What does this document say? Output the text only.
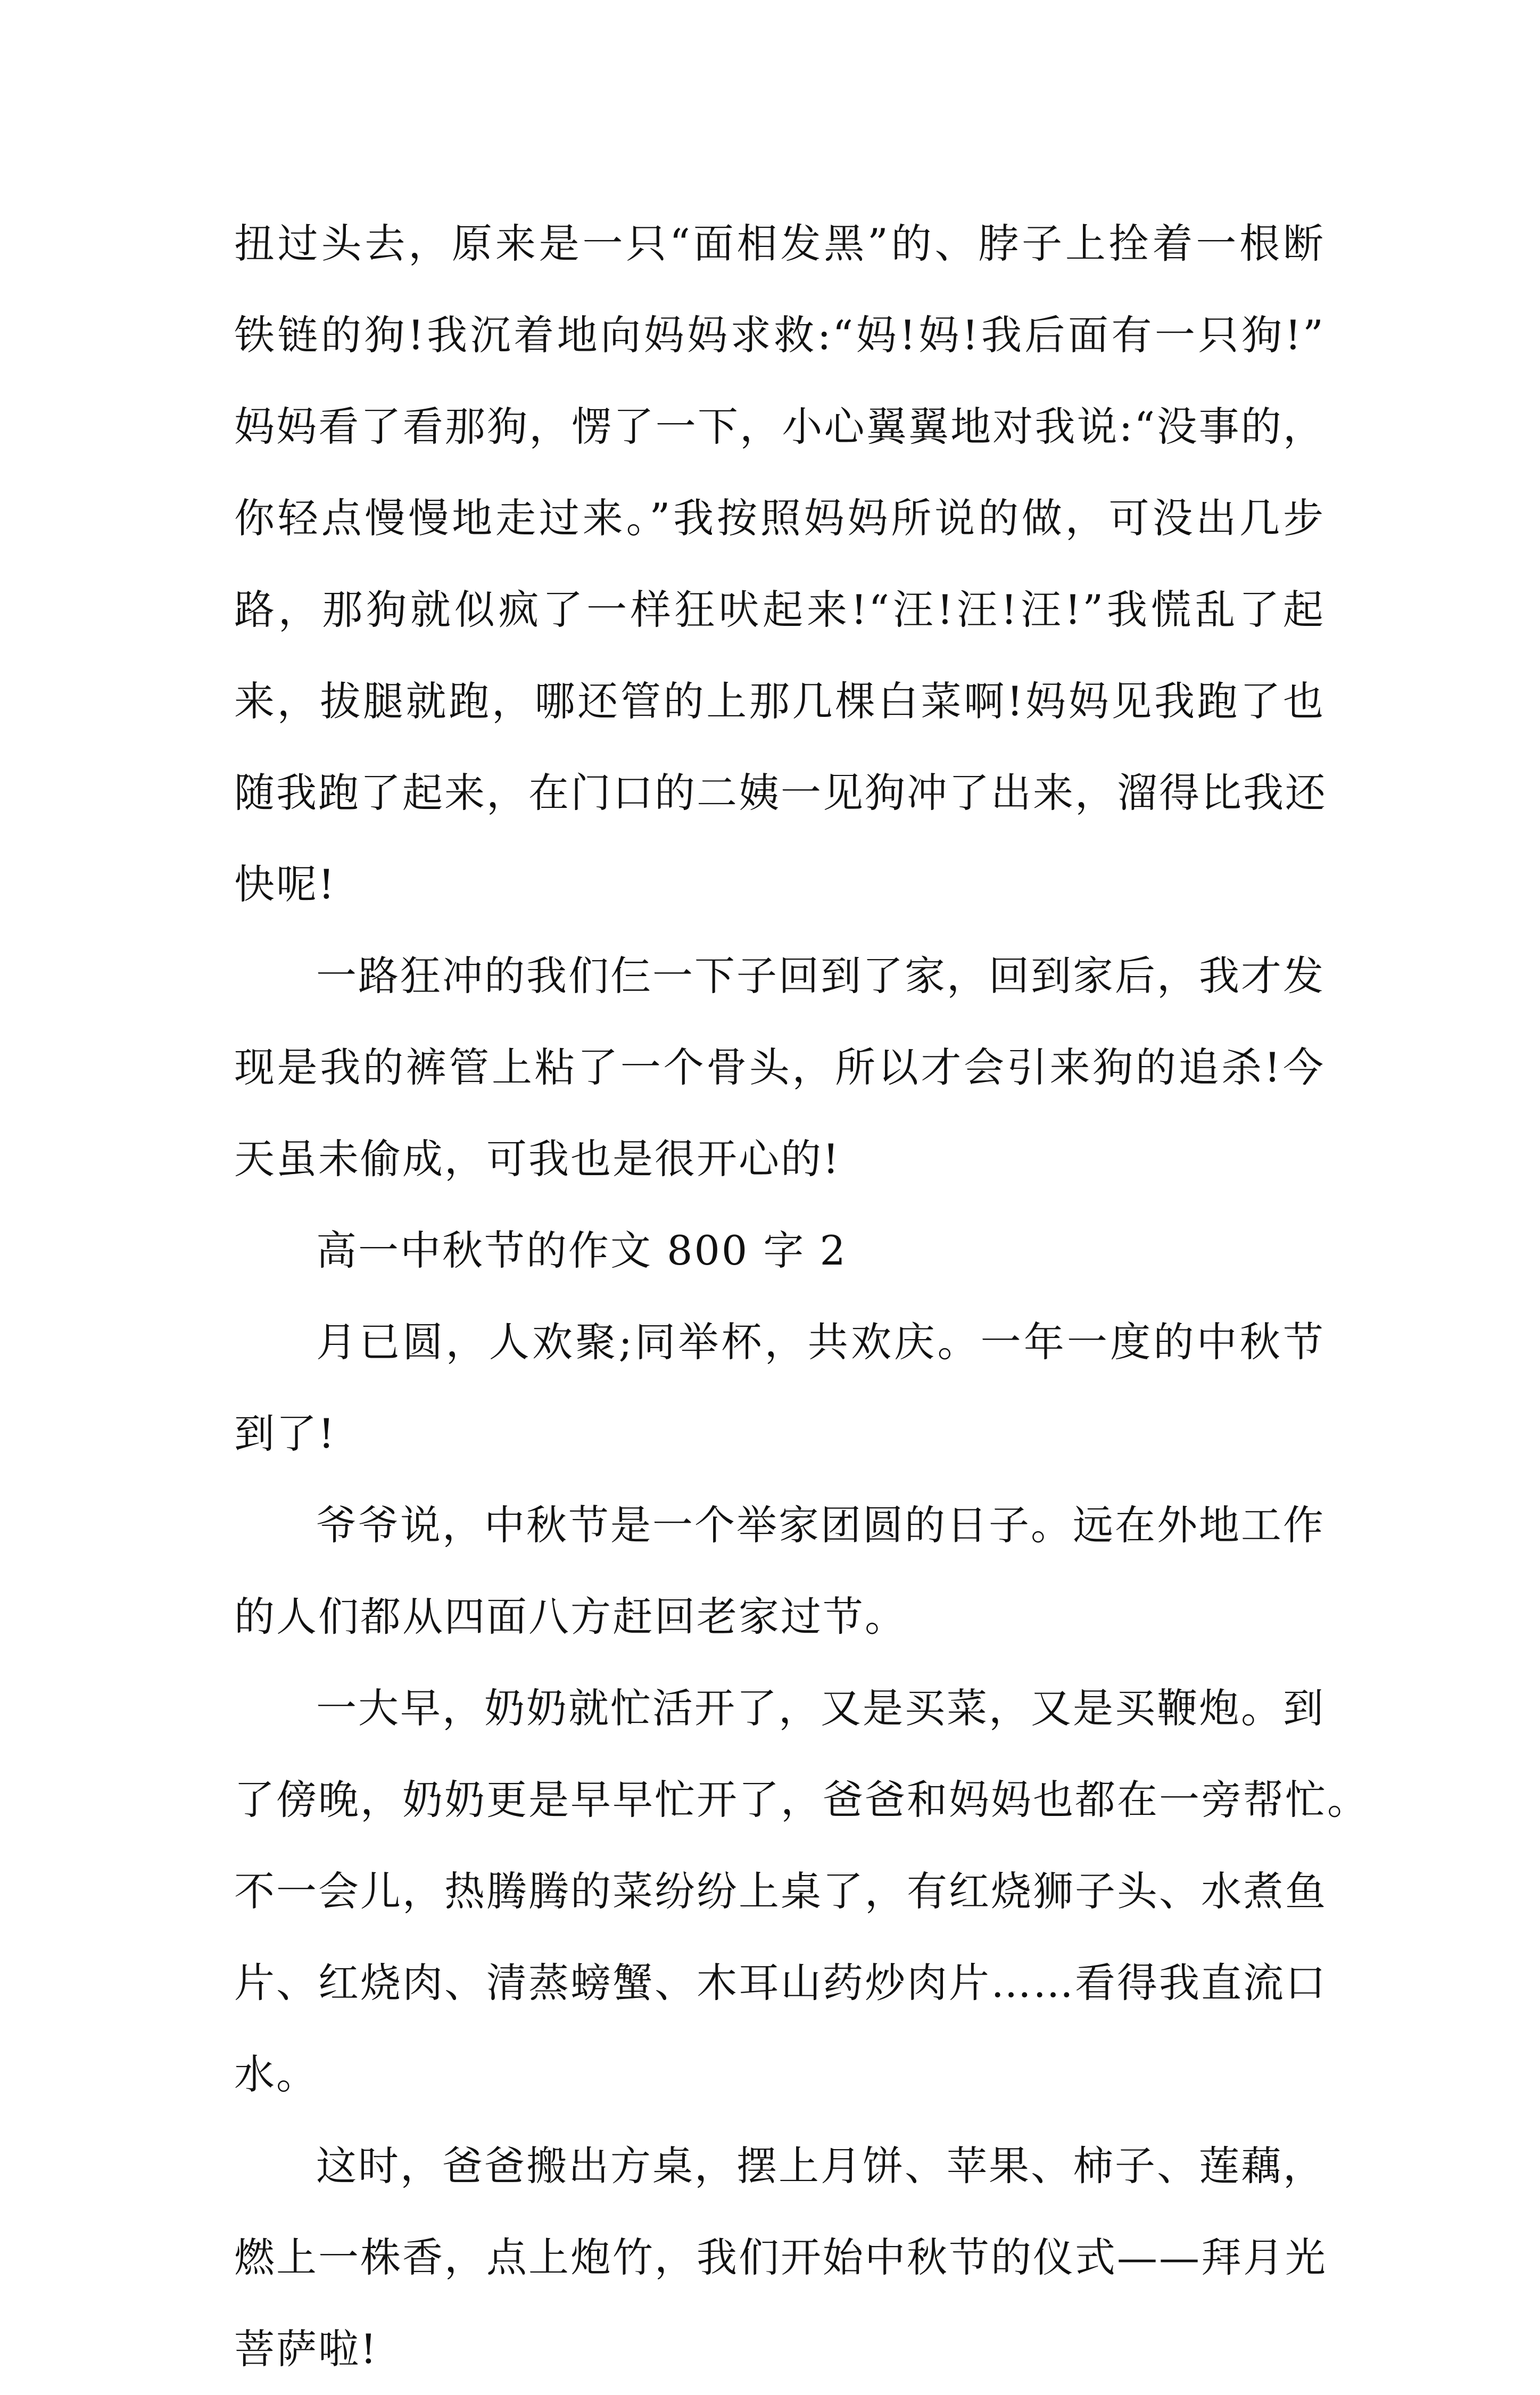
扭过头去，原来是一只“面相发黑”的、脖子上拴着一根断
铁链的狗!我沉着地向妈妈求救:“妈!妈!我后面有一只狗!”
妈妈看了看那狗，愣了一下，小心翼翼地对我说:“没事的，
你轻点慢慢地走过来。”我按照妈妈所说的做，可没出几步
路，那狗就似疯了一样狂吠起来!“汪!汪!汪!”我慌乱了起
来，拔腿就跑，哪还管的上那几棵白菜啊!妈妈见我跑了也
随我跑了起来，在门口的二姨一见狗冲了出来，溜得比我还
快呢!
一路狂冲的我们仨一下子回到了家，回到家后，我才发
现是我的裤管上粘了一个骨头，所以才会引来狗的追杀!今
天虽未偷成，可我也是很开心的!
高一中秋节的作文 800 字 2
月已圆，人欢聚;同举杯，共欢庆。一年一度的中秋节
到了!
爷爷说，中秋节是一个举家团圆的日子。远在外地工作
的人们都从四面八方赶回老家过节。
一大早，奶奶就忙活开了，又是买菜，又是买鞭炮。到
了傍晚，奶奶更是早早忙开了，爸爸和妈妈也都在一旁帮忙。
不一会儿，热腾腾的菜纷纷上桌了，有红烧狮子头、水煮鱼
片、红烧肉、清蒸螃蟹、木耳山药炒肉片……看得我直流口
水。
这时，爸爸搬出方桌，摆上月饼、苹果、柿子、莲藕，
燃上一株香，点上炮竹，我们开始中秋节的仪式——拜月光
菩萨啦!
